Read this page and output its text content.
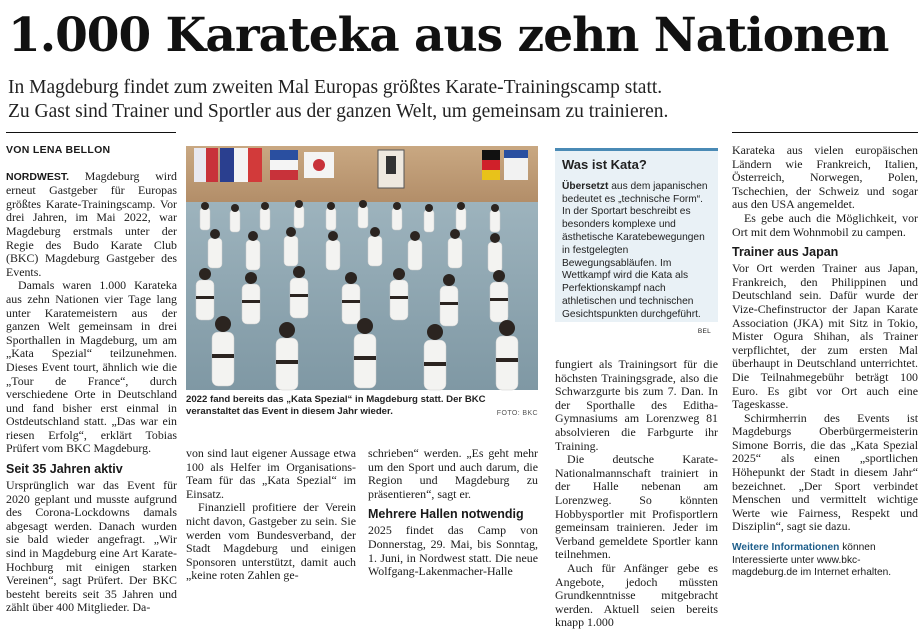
1.000 Karateka aus zehn Nationen
In Magdeburg findet zum zweiten Mal Europas größtes Karate-Trainingscamp statt.
Zu Gast sind Trainer und Sportler aus der ganzen Welt, um gemeinsam zu trainieren.
VON LENA BELLON

NORDWEST. Magdeburg wird erneut Gastgeber für Europas größtes Karate-Trainingscamp. Vor drei Jahren, im Mai 2022, war Magdeburg erstmals unter der Regie des Budo Karate Club (BKC) Magdeburg Gastgeber des Events.

Damals waren 1.000 Karateka aus zehn Nationen vier Tage lang unter Karatemeistern aus der ganzen Welt gemeinsam in drei Sporthallen in Magdeburg, um am „Kata Spezial“ teilzunehmen. Dieses Event tourt, ähnlich wie die „Tour de France“, durch verschiedene Orte in Deutschland und fand bisher erst einmal in Ostdeutschland statt. „Das war ein riesen Erfolg“, erklärt Tobias Prüfert vom BKC Magdeburg.

Seit 35 Jahren aktiv

Ursprünglich war das Event für 2020 geplant und musste aufgrund des Corona-Lockdowns damals abgesagt werden. Danach wurden sie bald wieder angefragt. „Wir sind in Magdeburg eine Art Karate-Hochburg mit einigen starken Vereinen“, sagt Prüfert. Der BKC besteht bereits seit 35 Jahren und zählt über 400 Mitglieder. Da-

2022 fand bereits das „Kata Spezial“ in Magdeburg statt. Der BKC veranstaltet das Event in diesem Jahr wieder.	FOTO: BKC

von sind laut eigener Aussage etwa 100 als Helfer im Organisations-Team für das „Kata Spezial“ im Einsatz.

Finanziell profitiere der Verein nicht davon, Gastgeber zu sein. Sie werden vom Bundesverband, der Stadt Magdeburg und einigen Sponsoren unterstützt, damit auch „keine roten Zahlen ge-

schrieben“ werden. „Es geht mehr um den Sport und auch darum, die Region und Magdeburg zu präsentieren“, sagt er.

Mehrere Hallen notwendig

2025 findet das Camp von Donnerstag, 29. Mai, bis Sonntag, 1. Juni, in Nordwest statt. Die neue Wolfgang-Lakenmacher-Halle

Was ist Kata?
Übersetzt aus dem japanischen bedeutet es „technische Form“. In der Sportart beschreibt es besonders komplexe und ästhetische Karatebewegungen in festgelegten Bewegungsabläufen. Im Wettkampf wird die Kata als Perfektionskampf nach athletischen und technischen Gesichtspunkten durchgeführt.
BEL

fungiert als Trainingsort für die höchsten Trainingsgrade, also die Schwarzgurte bis zum 7. Dan. In der Sporthalle des Editha-Gymnasiums am Lorenzweg 81 absolvieren die Farbgurte ihr Training.

Die deutsche Karate-Nationalmannschaft trainiert in der Halle nebenan am Lorenzweg. So könnten Hobbysportler mit Profisportlern gemeinsam trainieren. Jeder im Verband gemeldete Sportler kann teilnehmen.

Auch für Anfänger gebe es Angebote, jedoch müssten Grundkenntnisse mitgebracht werden. Aktuell seien bereits knapp 1.000

Karateka aus vielen europäischen Ländern wie Frankreich, Italien, Österreich, Norwegen, Polen, Tschechien, der Schweiz und sogar aus den USA angemeldet.

Es gebe auch die Möglichkeit, vor Ort mit dem Wohnmobil zu campen.

Trainer aus Japan

Vor Ort werden Trainer aus Japan, Frankreich, den Philippinen und Deutschland sein. Dafür wurde der Vize-Chefinstructor der Japan Karate Association (JKA) mit Sitz in Tokio, Mister Ogura Shihan, als Trainer verpflichtet, der zum ersten Mal überhaupt in Deutschland unterrichtet. Die Teilnahmegebühr beträgt 100 Euro. Es gibt vor Ort auch eine Tageskasse.

Schirmherrin des Events ist Magdeburgs Oberbürgermeisterin Simone Borris, die das „Kata Spezial 2025“ als einen „sportlichen Höhepunkt der Stadt in diesem Jahr“ bezeichnet. „Der Sport verbindet Menschen und vermittelt wichtige Werte wie Fairness, Respekt und Disziplin“, sagt sie dazu.

Weitere Informationen können Interessierte unter www.bkc-magdeburg.de im Internet erhalten.
